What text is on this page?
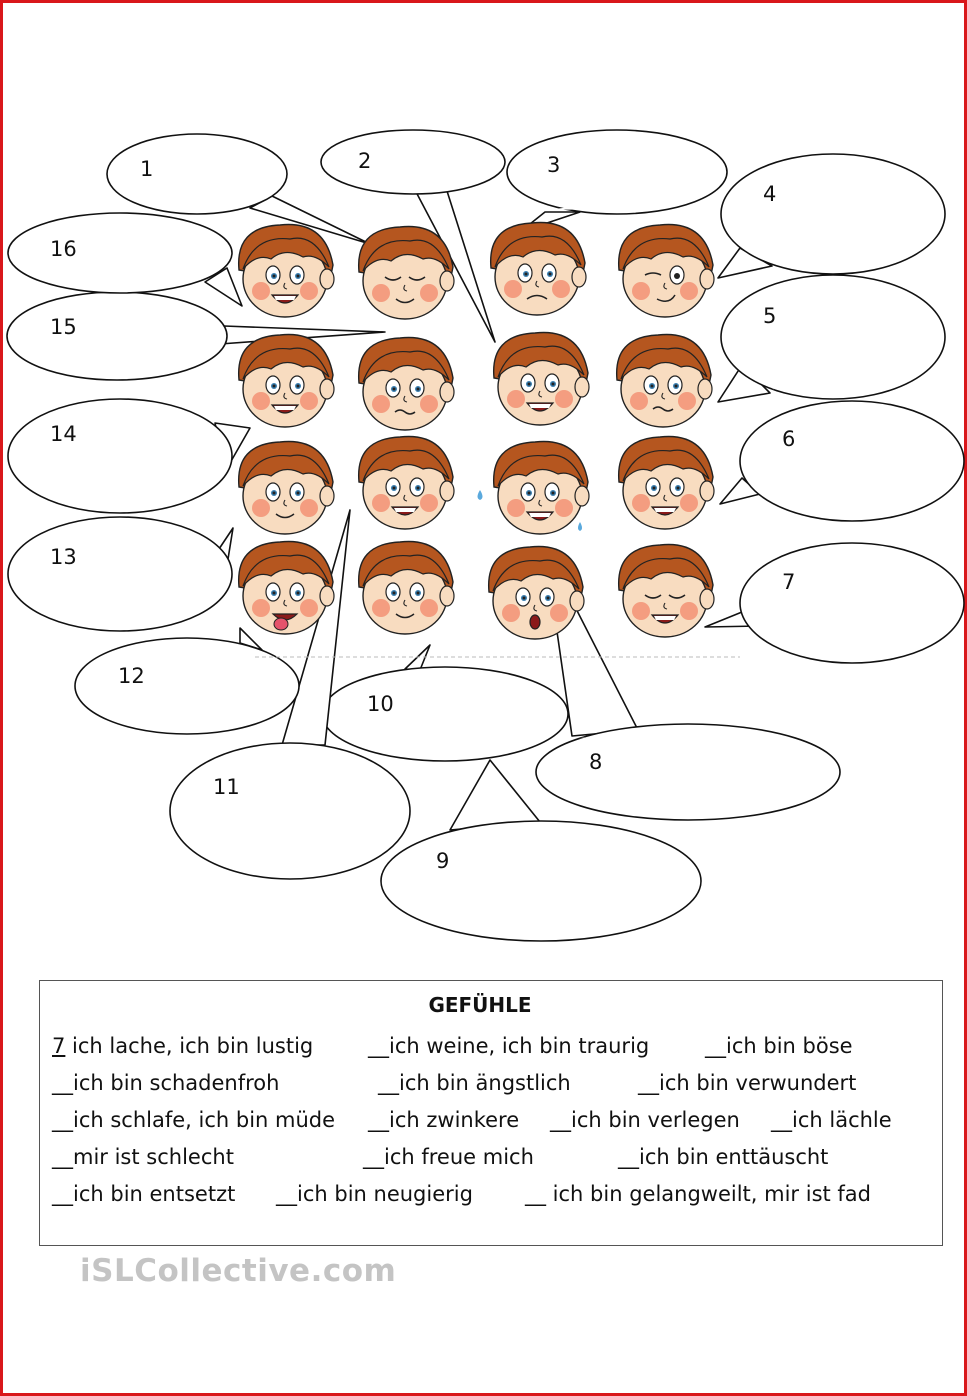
1	2	3
4
5
6
7
8
9
10
11
12
13
14
15
16
GEFÜHLE
7 ich lache, ich bin lustig	__ich weine, ich bin traurig	__ich bin böse
__ich bin schadenfroh	__ich bin ängstlich	__ich bin verwundert
__ich schlafe, ich bin müde __ich zwinkere __ich bin verlegen __ich lächle
__mir ist schlecht	__ich freue mich	__ich bin enttäuscht
__ich bin entsetzt __ich bin neugierig __ ich bin gelangweilt, mir ist fad
iSLCollective.com
